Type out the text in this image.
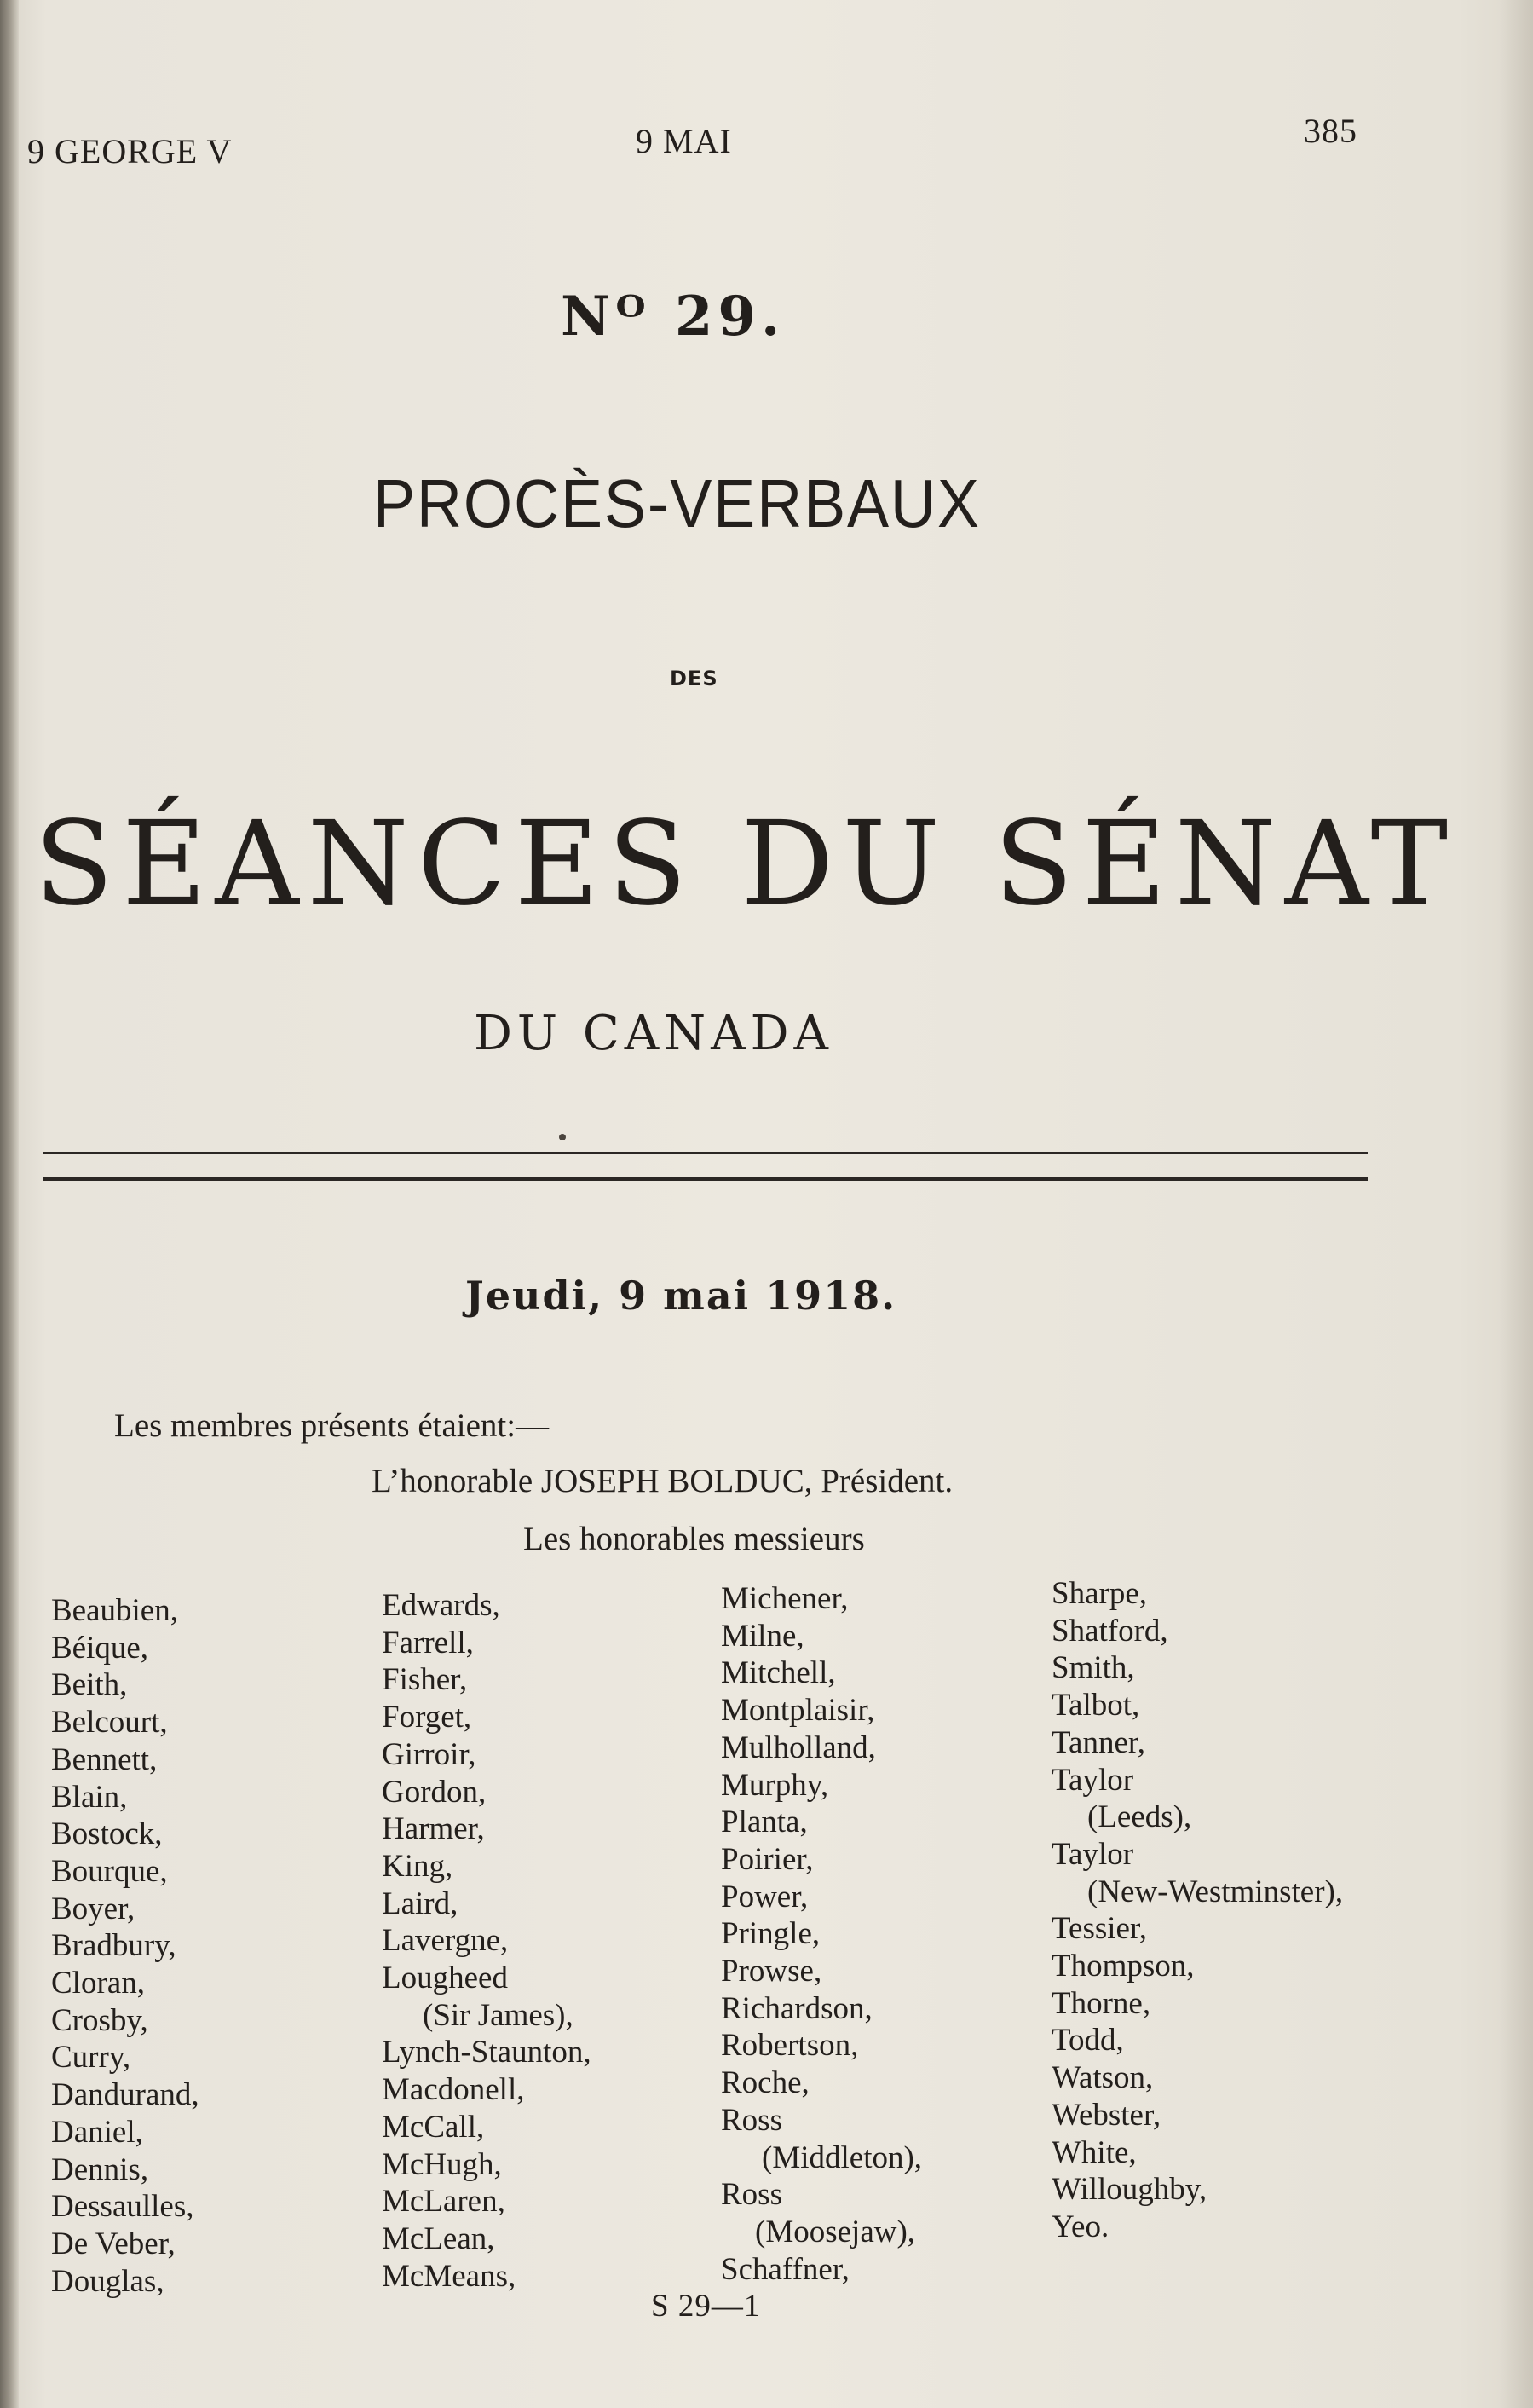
9 GEORGE V	9 MAI	385
Nᴼ 29.
PROCÈS-VERBAUX
DES
SÉANCES DU SÉNAT
DU CANADA
Jeudi, 9 mai 1918.
Les membres présents étaient:—
L’honorable JOSEPH BOLDUC, Président.
Les honorables messieurs
Beaubien,
Béique,
Beith,
Belcourt,
Bennett,
Blain,
Bostock,
Bourque,
Boyer,
Bradbury,
Cloran,
Crosby,
Curry,
Dandurand,
Daniel,
Dennis,
Dessaulles,
De Veber,
Douglas,
Edwards,
Farrell,
Fisher,
Forget,
Girroir,
Gordon,
Harmer,
King,
Laird,
Lavergne,
Lougheed
(Sir James),
Lynch-Staunton,
Macdonell,
McCall,
McHugh,
McLaren,
McLean,
McMeans,
Michener,
Milne,
Mitchell,
Montplaisir,
Mulholland,
Murphy,
Planta,
Poirier,
Power,
Pringle,
Prowse,
Richardson,
Robertson,
Roche,
Ross
(Middleton),
Ross
(Moosejaw),
Schaffner,
Sharpe,
Shatford,
Smith,
Talbot,
Tanner,
Taylor
(Leeds),
Taylor
(New-Westminster),
Tessier,
Thompson,
Thorne,
Todd,
Watson,
Webster,
White,
Willoughby,
Yeo.
S 29—1
